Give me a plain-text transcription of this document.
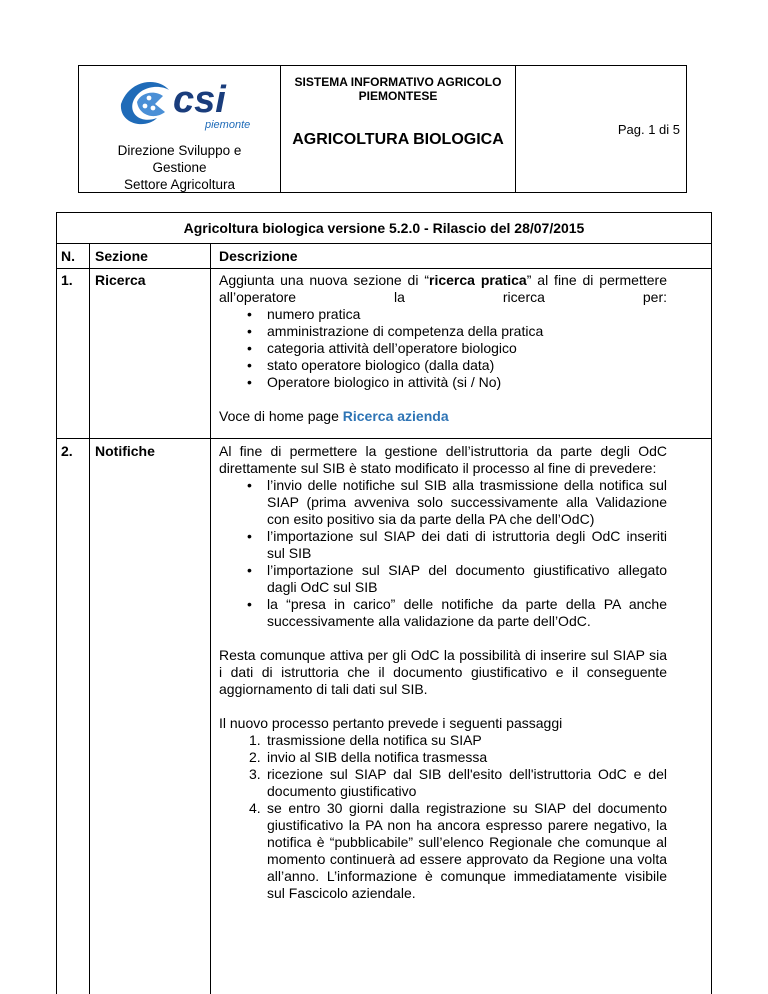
csi
piemonte
Direzione Sviluppo e
Gestione
Settore Agricoltura
SISTEMA INFORMATIVO AGRICOLO
PIEMONTESE
AGRICOLTURA BIOLOGICA
Pag. 1 di 5
Agricoltura biologica versione 5.2.0 - Rilascio del 28/07/2015
N. Sezione	Descrizione
1. Ricerca	Aggiunta una nuova sezione di “ricerca pratica” al fine di permettere all’operatore la ricerca per:

• numero pratica
• amministrazione di competenza della pratica
• categoria attività dell’operatore biologico
• stato operatore biologico (dalla data)
• Operatore biologico in attività (si / No)

Voce di home page Ricerca azienda

2. Notifiche	Al fine di permettere la gestione dell’istruttoria da parte degli OdC direttamente sul SIB è stato modificato il processo al fine di prevedere:

• l’invio delle notifiche sul SIB alla trasmissione della notifica sul SIAP (prima avveniva solo successivamente alla Validazione con esito positivo sia da parte della PA che dell’OdC)
• l’importazione sul SIAP dei dati di istruttoria degli OdC inseriti sul SIB
• l’importazione sul SIAP del documento giustificativo allegato dagli OdC sul SIB
• la “presa in carico” delle notifiche da parte della PA anche successivamente alla validazione da parte dell’OdC.

Resta comunque attiva per gli OdC la possibilità di inserire sul SIAP sia i dati di istruttoria che il documento giustificativo e il conseguente aggiornamento di tali dati sul SIB.

Il nuovo processo pertanto prevede i seguenti passaggi

1. trasmissione della notifica su SIAP
2. invio al SIB della notifica trasmessa
3. ricezione sul SIAP dal SIB dell'esito dell'istruttoria OdC e del documento giustificativo
4. se entro 30 giorni dalla registrazione su SIAP del documento giustificativo la PA non ha ancora espresso parere negativo, la notifica è “pubblicabile” sull’elenco Regionale che comunque al momento continuerà ad essere approvato da Regione una volta all’anno. L’informazione è comunque immediatamente visibile sul Fascicolo aziendale.
